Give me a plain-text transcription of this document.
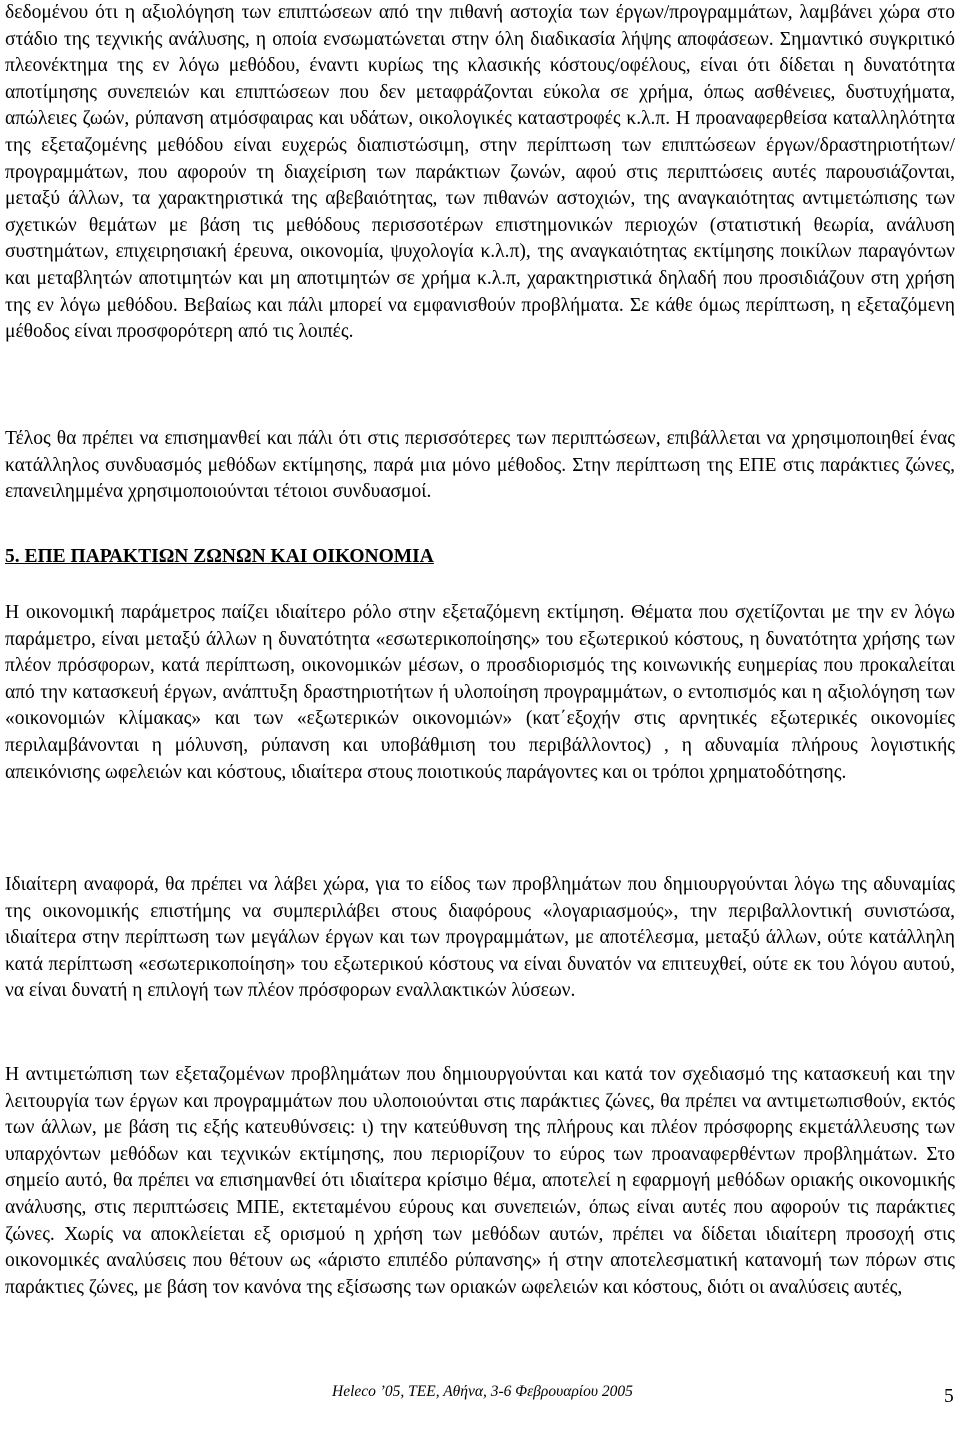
δεδομένου ότι η αξιολόγηση των επιπτώσεων από την πιθανή αστοχία των έργων/προγραμμάτων, λαμβάνει χώρα στο στάδιο της τεχνικής ανάλυσης, η οποία ενσωματώνεται στην όλη διαδικασία λήψης αποφάσεων. Σημαντικό συγκριτικό πλεονέκτημα της εν λόγω μεθόδου, έναντι κυρίως της κλασικής κόστους/οφέλους, είναι ότι δίδεται η δυνατότητα αποτίμησης συνεπειών και επιπτώσεων που δεν μεταφράζονται εύκολα σε χρήμα, όπως ασθένειες, δυστυχήματα, απώλειες ζωών, ρύπανση ατμόσφαιρας και υδάτων, οικολογικές καταστροφές κ.λ.π. Η προαναφερθείσα καταλληλότητα της εξεταζομένης μεθόδου είναι ευχερώς διαπιστώσιμη, στην περίπτωση των επιπτώσεων έργων/δραστηριοτήτων/προγραμμάτων, που αφορούν τη διαχείριση των παράκτιων ζωνών, αφού στις περιπτώσεις αυτές παρουσιάζονται, μεταξύ άλλων, τα χαρακτηριστικά της αβεβαιότητας, των πιθανών αστοχιών, της αναγκαιότητας αντιμετώπισης των σχετικών θεμάτων με βάση τις μεθόδους περισσοτέρων επιστημονικών περιοχών (στατιστική θεωρία, ανάλυση συστημάτων, επιχειρησιακή έρευνα, οικονομία, ψυχολογία κ.λ.π), της αναγκαιότητας εκτίμησης ποικίλων παραγόντων και μεταβλητών αποτιμητών και μη αποτιμητών σε χρήμα κ.λ.π, χαρακτηριστικά δηλαδή που προσιδιάζουν στη χρήση της εν λόγω μεθόδου. Βεβαίως και πάλι μπορεί να εμφανισθούν προβλήματα. Σε κάθε όμως περίπτωση, η εξεταζόμενη μέθοδος είναι προσφορότερη από τις λοιπές.

Τέλος θα πρέπει να επισημανθεί και πάλι ότι στις περισσότερες των περιπτώσεων, επιβάλλεται να χρησιμοποιηθεί ένας κατάλληλος συνδυασμός μεθόδων εκτίμησης, παρά μια μόνο μέθοδος. Στην περίπτωση της ΕΠΕ στις παράκτιες ζώνες, επανειλημμένα χρησιμοποιούνται τέτοιοι συνδυασμοί.

5. ΕΠΕ ΠΑΡΑΚΤΙΩΝ ΖΩΝΩΝ ΚΑΙ ΟΙΚΟΝΟΜΙΑ

Η οικονομική παράμετρος παίζει ιδιαίτερο ρόλο στην εξεταζόμενη εκτίμηση. Θέματα που σχετίζονται με την εν λόγω παράμετρο, είναι μεταξύ άλλων η δυνατότητα «εσωτερικοποίησης» του εξωτερικού κόστους, η δυνατότητα χρήσης των πλέον πρόσφορων, κατά περίπτωση, οικονομικών μέσων, ο προσδιορισμός της κοινωνικής ευημερίας που προκαλείται από την κατασκευή έργων, ανάπτυξη δραστηριοτήτων ή υλοποίηση προγραμμάτων, ο εντοπισμός και η αξιολόγηση των «οικονομιών κλίμακας» και των «εξωτερικών οικονομιών» (κατ΄εξοχήν στις αρνητικές εξωτερικές οικονομίες περιλαμβάνονται η μόλυνση, ρύπανση και υποβάθμιση του περιβάλλοντος) , η αδυναμία πλήρους λογιστικής απεικόνισης ωφελειών και κόστους, ιδιαίτερα στους ποιοτικούς παράγοντες και οι τρόποι χρηματοδότησης.

Ιδιαίτερη αναφορά, θα πρέπει να λάβει χώρα, για το είδος των προβλημάτων που δημιουργούνται λόγω της αδυναμίας της οικονομικής επιστήμης να συμπεριλάβει στους διαφόρους «λογαριασμούς», την περιβαλλοντική συνιστώσα, ιδιαίτερα στην περίπτωση των μεγάλων έργων και των προγραμμάτων, με αποτέλεσμα, μεταξύ άλλων, ούτε κατάλληλη κατά περίπτωση «εσωτερικοποίηση» του εξωτερικού κόστους να είναι δυνατόν να επιτευχθεί, ούτε εκ του λόγου αυτού, να είναι δυνατή η επιλογή των πλέον πρόσφορων εναλλακτικών λύσεων.

Η αντιμετώπιση των εξεταζομένων προβλημάτων που δημιουργούνται και κατά τον σχεδιασμό της κατασκευή και την λειτουργία των έργων και προγραμμάτων που υλοποιούνται στις παράκτιες ζώνες, θα πρέπει να αντιμετωπισθούν, εκτός των άλλων, με βάση τις εξής κατευθύνσεις: ι) την κατεύθυνση της πλήρους και πλέον πρόσφορης εκμετάλλευσης των υπαρχόντων μεθόδων και τεχνικών εκτίμησης, που περιορίζουν το εύρος των προαναφερθέντων προβλημάτων. Στο σημείο αυτό, θα πρέπει να επισημανθεί ότι ιδιαίτερα κρίσιμο θέμα, αποτελεί η εφαρμογή μεθόδων οριακής οικονομικής ανάλυσης, στις περιπτώσεις ΜΠΕ, εκτεταμένου εύρους και συνεπειών, όπως είναι αυτές που αφορούν τις παράκτιες ζώνες. Χωρίς να αποκλείεται εξ ορισμού η χρήση των μεθόδων αυτών, πρέπει να δίδεται ιδιαίτερη προσοχή στις οικονομικές αναλύσεις που θέτουν ως «άριστο επιπέδο ρύπανσης» ή στην αποτελεσματική κατανομή των πόρων στις παράκτιες ζώνες, με βάση τον κανόνα της εξίσωσης των οριακών ωφελειών και κόστους, διότι οι αναλύσεις αυτές,

Heleco ’05, ΤΕΕ, Αθήνα, 3-6 Φεβρουαρίου 2005	5
